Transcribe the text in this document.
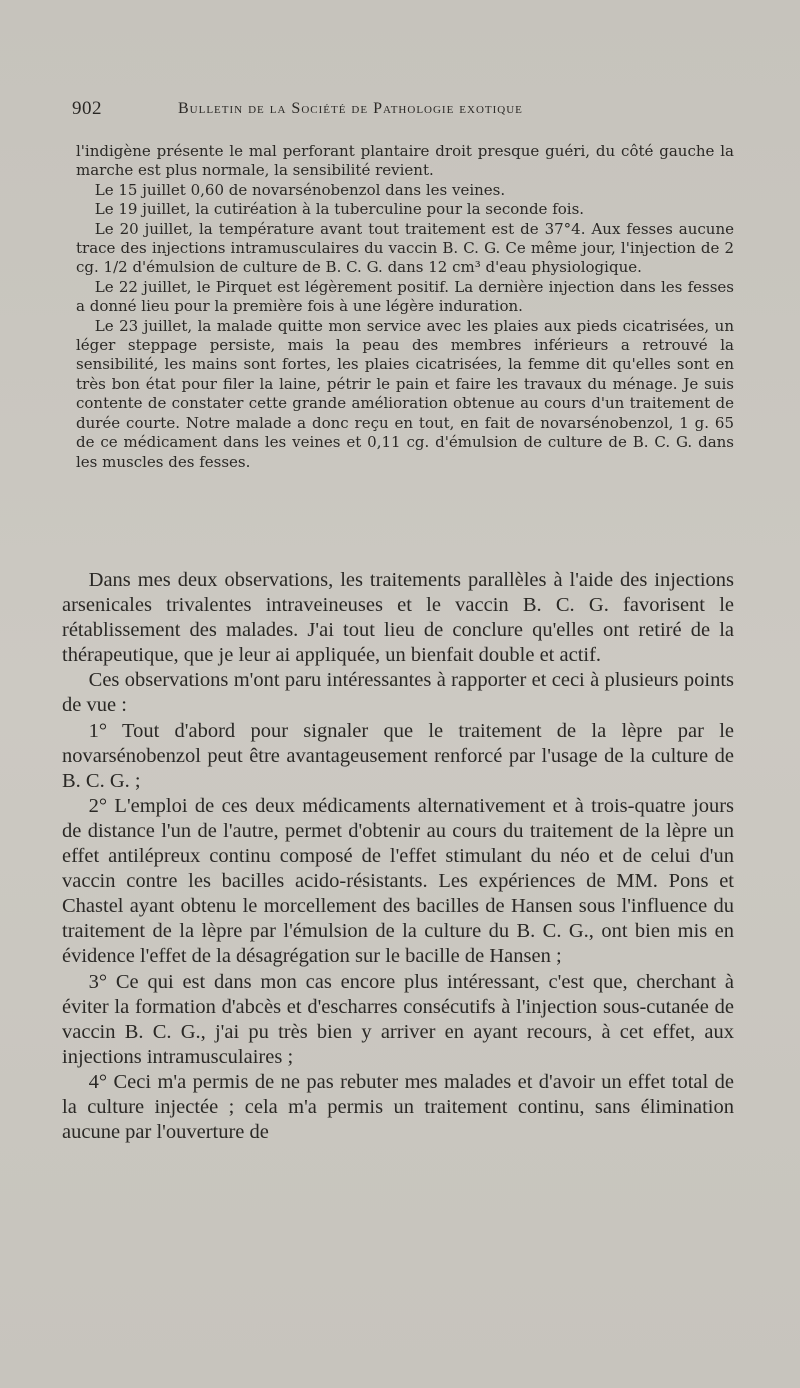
902	Bulletin de la Société de Pathologie exotique

l'indigène présente le mal perforant plantaire droit presque guéri, du côté gauche la marche est plus normale, la sensibilité revient.

Le 15 juillet 0,60 de novarsénobenzol dans les veines.

Le 19 juillet, la cutiréation à la tuberculine pour la seconde fois.

Le 20 juillet, la température avant tout traitement est de 37°4. Aux fesses aucune trace des injections intramusculaires du vaccin B. C. G. Ce même jour, l'injection de 2 cg. 1/2 d'émulsion de culture de B. C. G. dans 12 cm³ d'eau physiologique.

Le 22 juillet, le Pirquet est légèrement positif. La dernière injection dans les fesses a donné lieu pour la première fois à une légère induration.

Le 23 juillet, la malade quitte mon service avec les plaies aux pieds cicatrisées, un léger steppage persiste, mais la peau des membres inférieurs a retrouvé la sensibilité, les mains sont fortes, les plaies cicatrisées, la femme dit qu'elles sont en très bon état pour filer la laine, pétrir le pain et faire les travaux du ménage. Je suis contente de constater cette grande amélioration obtenue au cours d'un traitement de durée courte. Notre malade a donc reçu en tout, en fait de novarsénobenzol, 1 g. 65 de ce médicament dans les veines et 0,11 cg. d'émulsion de culture de B. C. G. dans les muscles des fesses.

Dans mes deux observations, les traitements parallèles à l'aide des injections arsenicales trivalentes intraveineuses et le vaccin B. C. G. favorisent le rétablissement des malades. J'ai tout lieu de conclure qu'elles ont retiré de la thérapeutique, que je leur ai appliquée, un bienfait double et actif.

Ces observations m'ont paru intéressantes à rapporter et ceci à plusieurs points de vue :

1° Tout d'abord pour signaler que le traitement de la lèpre par le novarsénobenzol peut être avantageusement renforcé par l'usage de la culture de B. C. G. ;

2° L'emploi de ces deux médicaments alternativement et à trois-quatre jours de distance l'un de l'autre, permet d'obtenir au cours du traitement de la lèpre un effet antilépreux continu composé de l'effet stimulant du néo et de celui d'un vaccin contre les bacilles acido-résistants. Les expériences de MM. Pons et Chastel ayant obtenu le morcellement des bacilles de Hansen sous l'influence du traitement de la lèpre par l'émulsion de la culture du B. C. G., ont bien mis en évidence l'effet de la désagrégation sur le bacille de Hansen ;

3° Ce qui est dans mon cas encore plus intéressant, c'est que, cherchant à éviter la formation d'abcès et d'escharres consécutifs à l'injection sous-cutanée de vaccin B. C. G., j'ai pu très bien y arriver en ayant recours, à cet effet, aux injections intramusculaires ;

4° Ceci m'a permis de ne pas rebuter mes malades et d'avoir un effet total de la culture injectée ; cela m'a permis un traitement continu, sans élimination aucune par l'ouverture de
